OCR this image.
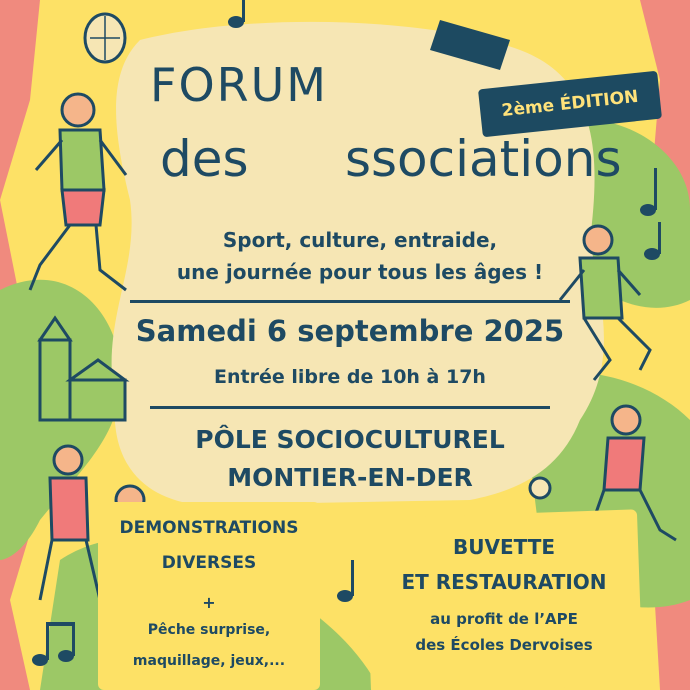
FORUM
des Associations
2ème ÉDITION
Sport, culture, entraide,
une journée pour tous les âges !
Samedi 6 septembre 2025
Entrée libre de 10h à 17h
PÔLE SOCIOCULTUREL
MONTIER-EN-DER
DEMONSTRATIONS
DIVERSES
+
Pêche surprise,
maquillage, jeux,...
BUVETTE
ET RESTAURATION
au profit de l’APE
des Écoles Dervoises
